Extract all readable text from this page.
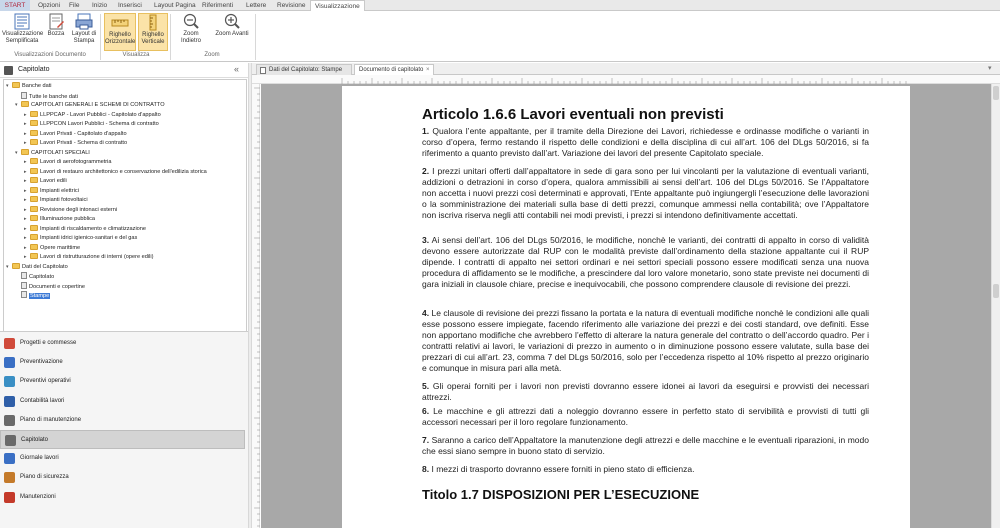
START	Opzioni	File	Inizio	Inserisci	Layout Pagina Riferimenti	Lettere	Revisione	Visualizzazione
Visualizzazione Semplificata
Bozza	Layout di Stampa
Visualizzazioni Documento
Righello Orizzontale
Righello Verticale
Visualizza
Zoom Indietro
Zoom Avanti
Zoom
Capitolato	«
▾ Banche dati
Tutte le banche dati
▾ CAPITOLATI GENERALI E SCHEMI DI CONTRATTO
▸ LLPPCAP - Lavori Pubblici - Capitolato d'appalto
▸ LLPPCON Lavori Pubblici - Schema di contratto
▸ Lavori Privati - Capitolato d'appalto
▸ Lavori Privati - Schema di contratto
▾ CAPITOLATI SPECIALI
▸ Lavori di aerofotogrammetria
▸ Lavori di restauro architettonico e conservazione dell'edilizia storica
▸ Lavori edili
▸ Impianti elettrici
▸ Impianti fotovoltaici
▸ Revisione degli intonaci esterni
▸ Illuminazione pubblica
▸ Impianti di riscaldamento e climatizzazione
▸ Impianti idrici igienico-sanitari e del gas
▸ Opere marittime
▸ Lavori di ristrutturazione di interni (opere edili)
▾ Dati del Capitolato
Capitolato
Documenti e copertine
Stampe
Progetti e commesse
Preventivazione
Preventivi operativi
Contabilità lavori
Piano di manutenzione
Capitolato
Giornale lavori
Piano di sicurezza
Manutenzioni
Dati del Capitolato: Stampe	Documento di capitolato ×	▾
Articolo 1.6.6 Lavori eventuali non previsti
1. Qualora l’ente appaltante, per il tramite della Direzione dei Lavori, richiedesse e ordinasse modifiche o varianti in corso d’opera, fermo restando il rispetto delle condizioni e della disciplina di cui all’art. 106 del DLgs 50/2016, si fa riferimento a quanto previsto dall’art. Variazione dei lavori del presente Capitolato speciale.
2. I prezzi unitari offerti dall’appaltatore in sede di gara sono per lui vincolanti per la valutazione di eventuali varianti, addizioni o detrazioni in corso d’opera, qualora ammissibili ai sensi dell’art. 106 del DLgs 50/2016. Se l’Appaltatore non accetta i nuovi prezzi così determinati e approvati, l’Ente appaltante può ingiungergli l’esecuzione delle lavorazioni o la somministrazione dei materiali sulla base di detti prezzi, comunque ammessi nella contabilità; ove l’Appaltatore non iscriva riserva negli atti contabili nei modi previsti, i prezzi si intendono definitivamente accettati.
3. Ai sensi dell’art. 106 del DLgs 50/2016, le modifiche, nonchè le varianti, dei contratti di appalto in corso di validità devono essere autorizzate dal RUP con le modalità previste dall’ordinamento della stazione appaltante cui il RUP dipende. I contratti di appalto nei settori ordinari e nei settori speciali possono essere modificati senza una nuova procedura di affidamento se le modifiche, a prescindere dal loro valore monetario, sono state previste nei documenti di gara iniziali in clausole chiare, precise e inequivocabili, che possono comprendere clausole di revisione dei prezzi.
4. Le clausole di revisione dei prezzi fissano la portata e la natura di eventuali modifiche nonchè le condizioni alle quali esse possono essere impiegate, facendo riferimento alle variazione dei prezzi e dei costi standard, ove definiti. Esse non apportano modifiche che avrebbero l’effetto di alterare la natura generale del contratto o dell’accordo quadro. Per i contratti relativi ai lavori, le variazioni di prezzo in aumento o in diminuzione possono essere valutate, sulla base dei prezzari di cui all’art. 23, comma 7 del DLgs 50/2016, solo per l’eccedenza rispetto al 10% rispetto al prezzo originario e comunque in misura pari alla metà.
5. Gli operai forniti per i lavori non previsti dovranno essere idonei ai lavori da eseguirsi e provvisti dei necessari attrezzi.
6. Le macchine e gli attrezzi dati a noleggio dovranno essere in perfetto stato di servibilità e provvisti di tutti gli accessori necessari per il loro regolare funzionamento.
7. Saranno a carico dell’Appaltatore la manutenzione degli attrezzi e delle macchine e le eventuali riparazioni, in modo che essi siano sempre in buono stato di servizio.
8. I mezzi di trasporto dovranno essere forniti in pieno stato di efficienza.
Titolo 1.7 DISPOSIZIONI PER L’ESECUZIONE
